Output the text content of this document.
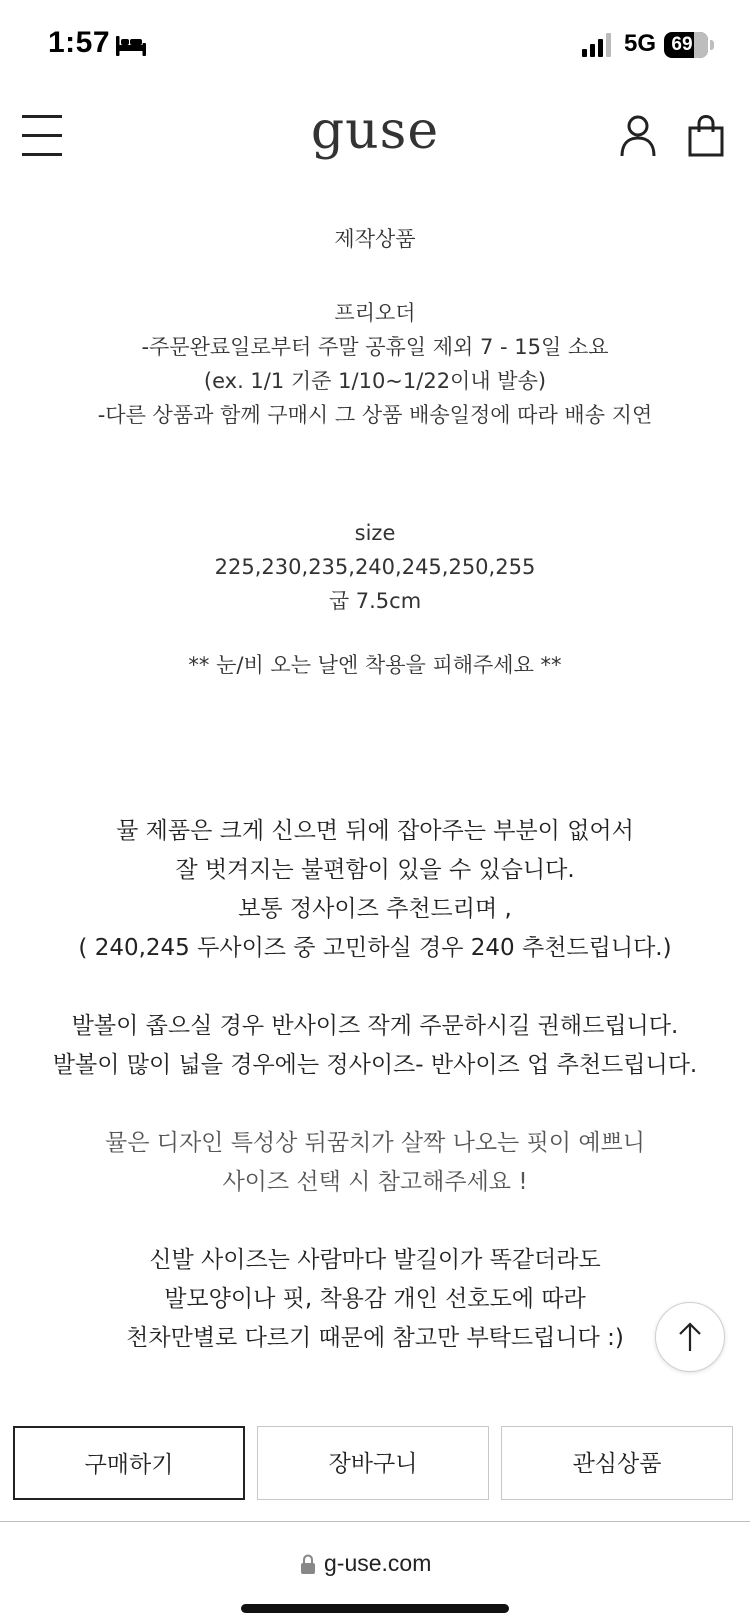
1:57	5G 69
guse

제작상품

프리오더

-주문완료일로부터 주말 공휴일 제외 7 - 15일 소요

(ex. 1/1 기준 1/10~1/22이내 발송)

-다른 상품과 함께 구매시 그 상품 배송일정에 따라 배송 지연

size

225,230,235,240,245,250,255

굽 7.5cm

** 눈/비 오는 날엔 착용을 피해주세요 **

뮬 제품은 크게 신으면 뒤에 잡아주는 부분이 없어서

잘 벗겨지는 불편함이 있을 수 있습니다.

보통 정사이즈 추천드리며 ,

( 240,245 두사이즈 중 고민하실 경우 240 추천드립니다.)

발볼이 좁으실 경우 반사이즈 작게 주문하시길 권해드립니다.

발볼이 많이 넓을 경우에는 정사이즈- 반사이즈 업 추천드립니다.

뮬은 디자인 특성상 뒤꿈치가 살짝 나오는 핏이 예쁘니

사이즈 선택 시 참고해주세요 !

신발 사이즈는 사람마다 발길이가 똑같더라도

발모양이나 핏, 착용감 개인 선호도에 따라

천차만별로 다르기 때문에 참고만 부탁드립니다 :)

구매하기	장바구니	관심상품
g-use.com
